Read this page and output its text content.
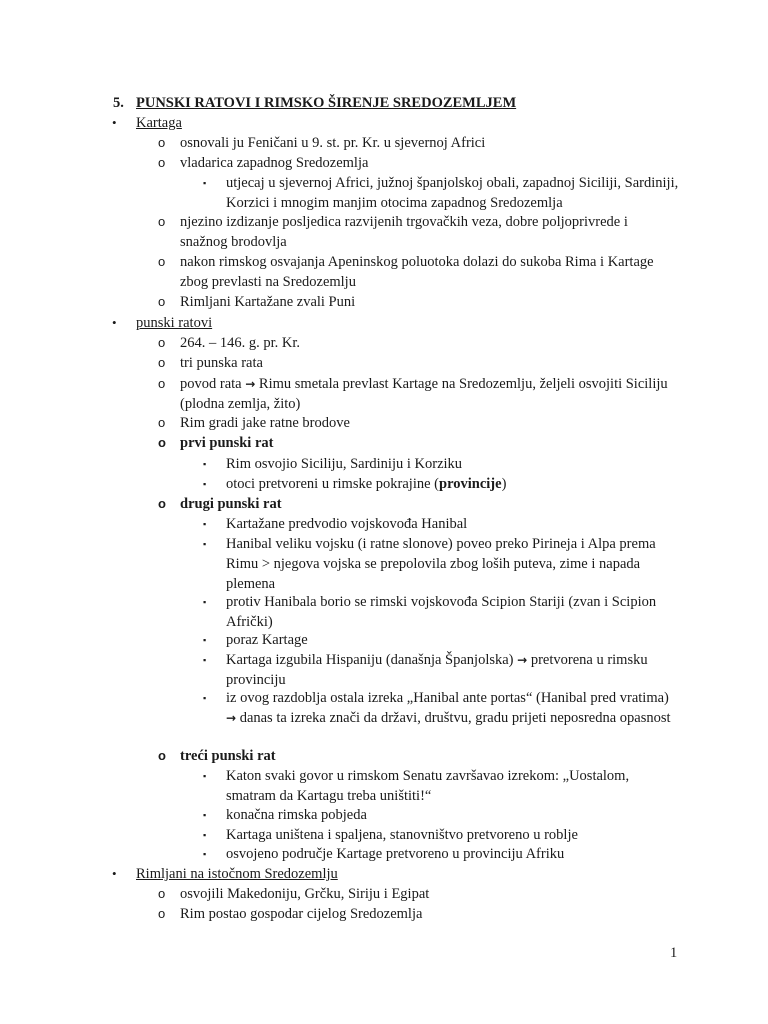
5. PUNSKI RATOVI I RIMSKO ŠIRENJE SREDOZEMLJEM
•	Kartaga
o osnovali ju Feničani u 9. st. pr. Kr. u sjevernoj Africi
o vladarica zapadnog Sredozemlja
▪ utjecaj u sjevernoj Africi, južnoj španjolskoj obali, zapadnoj Siciliji, Sardiniji, Korzici i mnogim manjim otocima zapadnog Sredozemlja
o njezino izdizanje posljedica razvijenih trgovačkih veza, dobre poljoprivrede i snažnog brodovlja
o nakon rimskog osvajanja Apeninskog poluotoka dolazi do sukoba Rima i Kartage zbog prevlasti na Sredozemlju
o Rimljani Kartažane zvali Puni
•	punski ratovi
o 264. – 146. g. pr. Kr.
o tri punska rata
o povod rata → Rimu smetala prevlast Kartage na Sredozemlju, željeli osvojiti Siciliju (plodna zemlja, žito)
o Rim gradi jake ratne brodove
o prvi punski rat
▪ Rim osvojio Siciliju, Sardiniju i Korziku
▪ otoci pretvoreni u rimske pokrajine (provincije)
o drugi punski rat
▪ Kartažane predvodio vojskovođa Hanibal
▪ Hanibal veliku vojsku (i ratne slonove) poveo preko Pirineja i Alpa prema Rimu > njegova vojska se prepolovila zbog loših puteva, zime i napada plemena
▪ protiv Hanibala borio se rimski vojskovođa Scipion Stariji (zvan i Scipion Afrički)
▪ poraz Kartage
▪ Kartaga izgubila Hispaniju (današnja Španjolska) → pretvorena u rimsku provinciju
▪ iz ovog razdoblja ostala izreka „Hanibal ante portas“ (Hanibal pred vratima) → danas ta izreka znači da državi, društvu, gradu prijeti neposredna opasnost
o treći punski rat
▪ Katon svaki govor u rimskom Senatu završavao izrekom: „Uostalom, smatram da Kartagu treba uništiti!“
▪ konačna rimska pobjeda
▪ Kartaga uništena i spaljena, stanovništvo pretvoreno u roblje
▪ osvojeno područje Kartage pretvoreno u provinciju Afriku
•	Rimljani na istočnom Sredozemlju
o osvojili Makedoniju, Grčku, Siriju i Egipat
o Rim postao gospodar cijelog Sredozemlja
1
